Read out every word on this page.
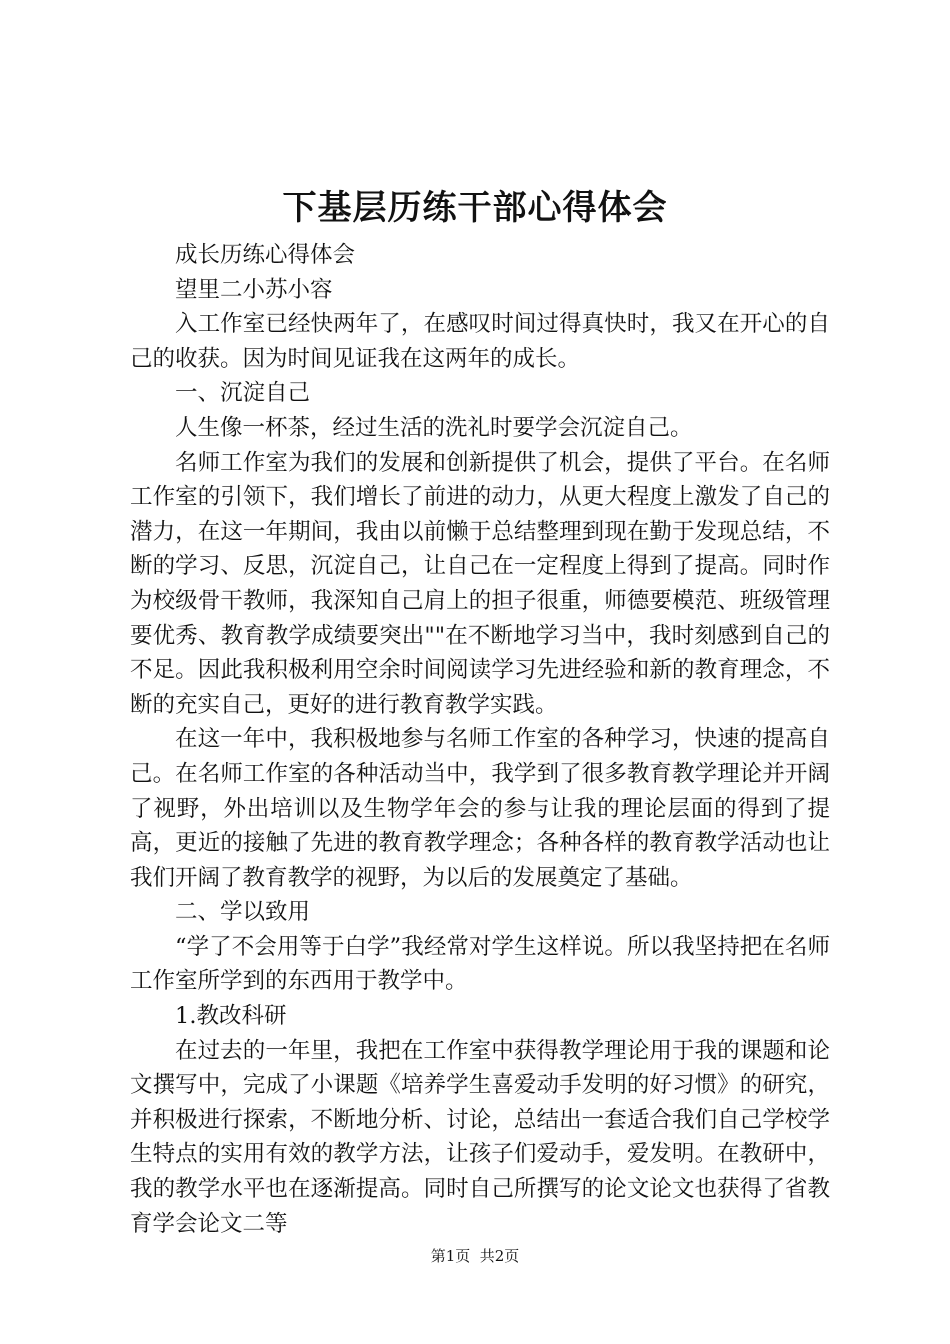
下基层历练干部心得体会

成长历练心得体会

望里二小苏小容

入工作室已经快两年了，在感叹时间过得真快时，我又在开心的自己的收获。因为时间见证我在这两年的成长。

一、沉淀自己

人生像一杯茶，经过生活的洗礼时要学会沉淀自己。

名师工作室为我们的发展和创新提供了机会，提供了平台。在名师工作室的引领下，我们增长了前进的动力，从更大程度上激发了自己的潜力，在这一年期间，我由以前懒于总结整理到现在勤于发现总结，不断的学习、反思，沉淀自己，让自己在一定程度上得到了提高。同时作为校级骨干教师，我深知自己肩上的担子很重，师德要模范、班级管理要优秀、教育教学成绩要突出""在不断地学习当中，我时刻感到自己的不足。因此我积极利用空余时间阅读学习先进经验和新的教育理念，不断的充实自己，更好的进行教育教学实践。

在这一年中，我积极地参与名师工作室的各种学习，快速的提高自己。在名师工作室的各种活动当中，我学到了很多教育教学理论并开阔了视野，外出培训以及生物学年会的参与让我的理论层面的得到了提高，更近的接触了先进的教育教学理念；各种各样的教育教学活动也让我们开阔了教育教学的视野，为以后的发展奠定了基础。

二、学以致用

“学了不会用等于白学”我经常对学生这样说。所以我坚持把在名师工作室所学到的东西用于教学中。

1.教改科研

在过去的一年里，我把在工作室中获得教学理论用于我的课题和论文撰写中，完成了小课题《培养学生喜爱动手发明的好习惯》的研究，并积极进行探索，不断地分析、讨论，总结出一套适合我们自己学校学生特点的实用有效的教学方法，让孩子们爱动手，爱发明。在教研中，我的教学水平也在逐渐提高。同时自己所撰写的论文论文也获得了省教育学会论文二等

第1页  共2页
